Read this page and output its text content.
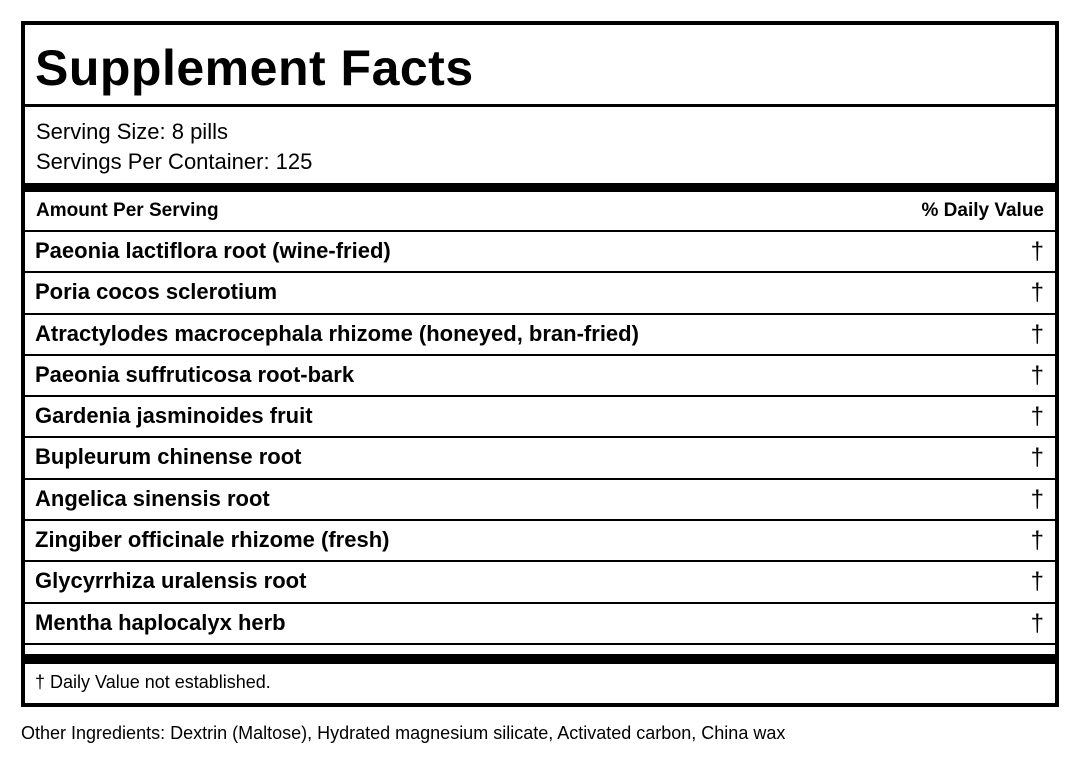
Supplement Facts
Serving Size: 8 pills
Servings Per Container: 125
Amount Per Serving	% Daily Value
Paeonia lactiflora root (wine-fried)	†
Poria cocos sclerotium	†
Atractylodes macrocephala rhizome (honeyed, bran-fried)	†
Paeonia suffruticosa root-bark	†
Gardenia jasminoides fruit	†
Bupleurum chinense root	†
Angelica sinensis root	†
Zingiber officinale rhizome (fresh)	†
Glycyrrhiza uralensis root	†
Mentha haplocalyx herb	†
† Daily Value not established.
Other Ingredients: Dextrin (Maltose), Hydrated magnesium silicate, Activated carbon, China wax
